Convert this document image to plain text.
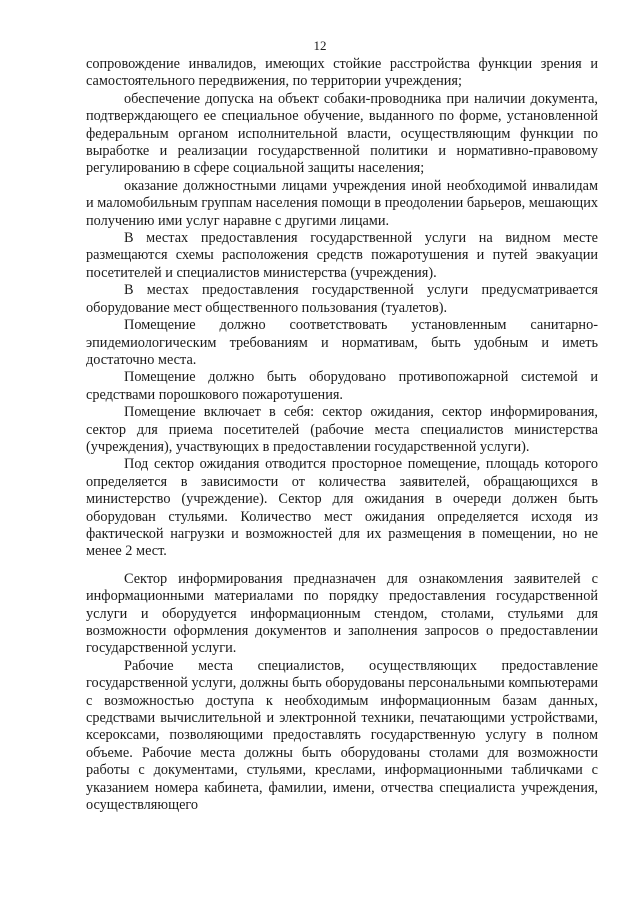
12

сопровождение инвалидов, имеющих стойкие расстройства функции зрения и самостоятельного передвижения, по территории учреждения;

обеспечение допуска на объект собаки-проводника при наличии документа, подтверждающего ее специальное обучение, выданного по форме, установленной федеральным органом исполнительной власти, осуществляющим функции по выработке и реализации государственной политики и нормативно-правовому регулированию в сфере социальной защиты населения;

оказание должностными лицами учреждения иной необходимой инвалидам и маломобильным группам населения помощи в преодолении барьеров, мешающих получению ими услуг наравне с другими лицами.

В местах предоставления государственной услуги на видном месте размещаются схемы расположения средств пожаротушения и путей эвакуации посетителей и специалистов министерства (учреждения).

В местах предоставления государственной услуги предусматривается оборудование мест общественного пользования (туалетов).

Помещение должно соответствовать установленным санитарно-эпидемиологическим требованиям и нормативам, быть удобным и иметь достаточно места.

Помещение должно быть оборудовано противопожарной системой и средствами порошкового пожаротушения.

Помещение включает в себя: сектор ожидания, сектор информирования, сектор для приема посетителей (рабочие места специалистов министерства (учреждения), участвующих в предоставлении государственной услуги).

Под сектор ожидания отводится просторное помещение, площадь которого определяется в зависимости от количества заявителей, обращающихся в министерство (учреждение). Сектор для ожидания в очереди должен быть оборудован стульями. Количество мест ожидания определяется исходя из фактической нагрузки и возможностей для их размещения в помещении, но не менее 2 мест.

Сектор информирования предназначен для ознакомления заявителей с информационными материалами по порядку предоставления государственной услуги и оборудуется информационным стендом, столами, стульями для возможности оформления документов и заполнения запросов о предоставлении государственной услуги.

Рабочие места специалистов, осуществляющих предоставление государственной услуги, должны быть оборудованы персональными компьютерами с возможностью доступа к необходимым информационным базам данных, средствами вычислительной и электронной техники, печатающими устройствами, ксероксами, позволяющими предоставлять государственную услугу в полном объеме. Рабочие места должны быть оборудованы столами для возможности работы с документами, стульями, креслами, информационными табличками с указанием номера кабинета, фамилии, имени, отчества специалиста учреждения, осуществляющего
